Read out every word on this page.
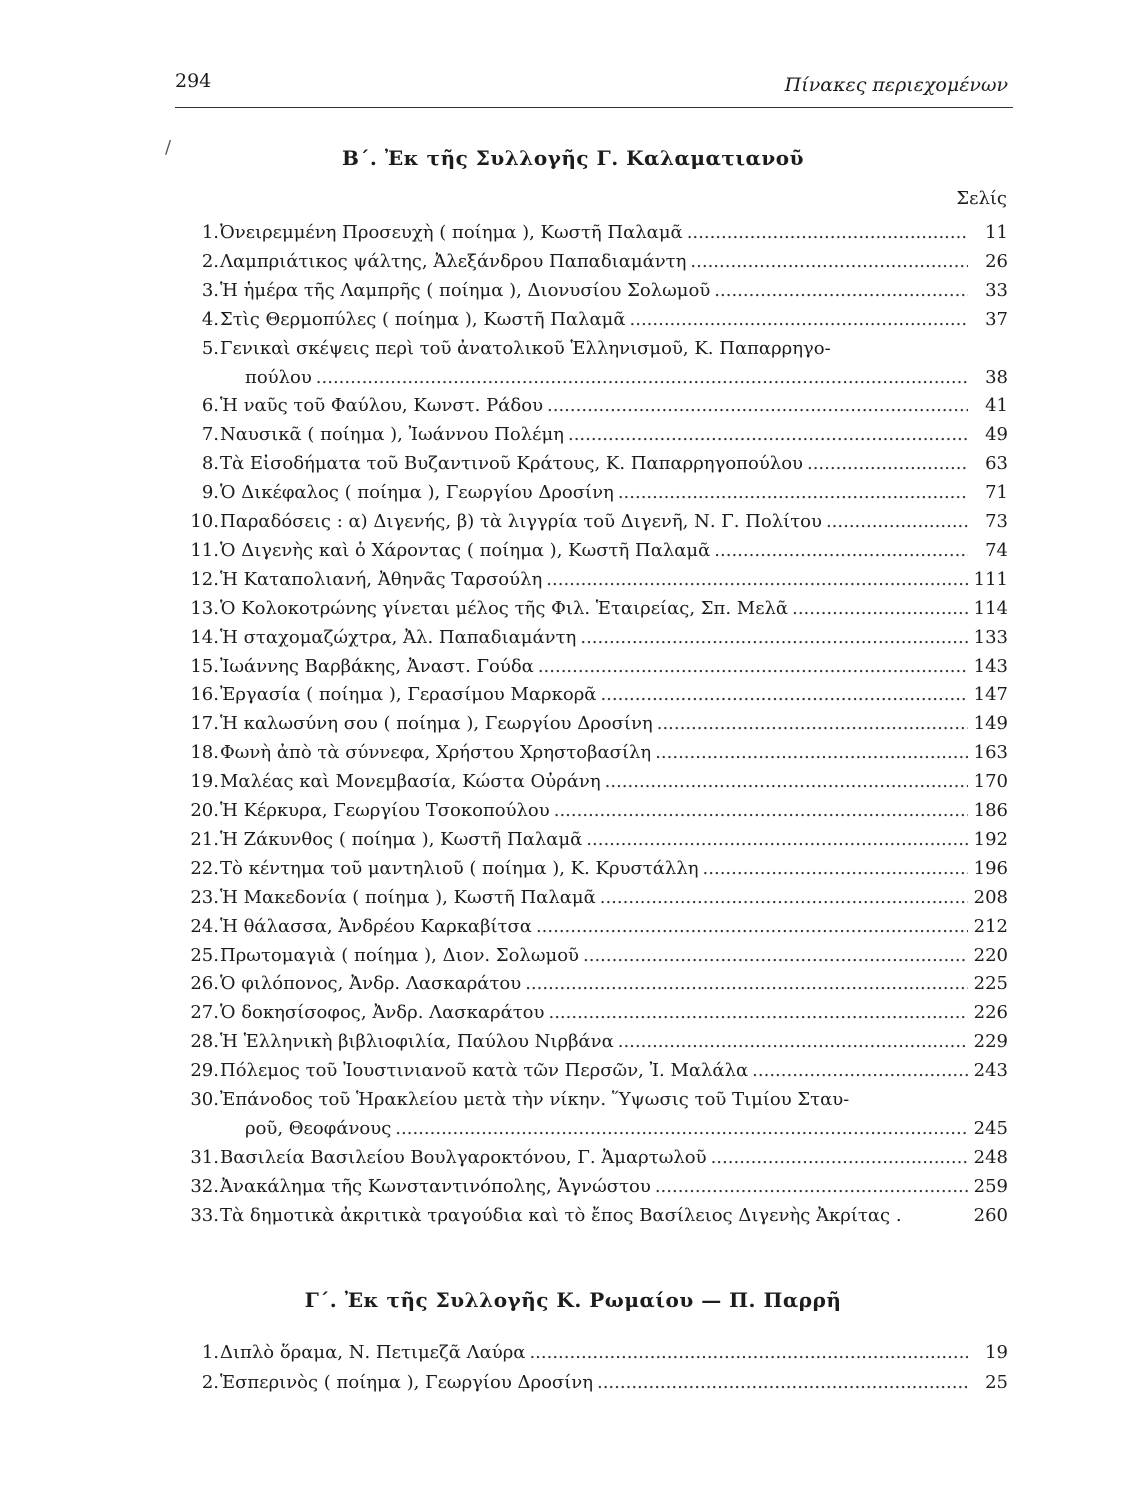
294	Πίνακες περιεχομένων
/	Β΄. Ἐκ τῆς Συλλογῆς Γ. Καλαματιανοῦ
Σελίς
1. Ὀνειρεμμένη Προσευχὴ ( ποίημα ), Κωστῆ Παλαμᾶ .....	11
2. Λαμπριάτικος ψάλτης, Ἀλεξάνδρου Παπαδιαμάντη .....	26
3. Ἡ ἡμέρα τῆς Λαμπρῆς ( ποίημα ), Διονυσίου Σολωμοῦ .....	33
4. Στὶς Θερμοπύλες ( ποίημα ), Κωστῆ Παλαμᾶ .....	37
5. Γενικαὶ σκέψεις περὶ τοῦ ἀνατολικοῦ Ἑλληνισμοῦ, Κ. Παπαρρηγο-
πούλου .....	38
6. Ἡ ναῦς τοῦ Φαύλου, Κωνστ. Ράδου .....	41
7. Ναυσικᾶ ( ποίημα ), Ἰωάννου Πολέμη .....	49
8. Τὰ Εἰσοδήματα τοῦ Βυζαντινοῦ Κράτους, Κ. Παπαρρηγοπούλου .....	63
9. Ὁ Δικέφαλος ( ποίημα ), Γεωργίου Δροσίνη .....	71
10. Παραδόσεις : α) Διγενής, β) τὰ λιγγρία τοῦ Διγενῆ, Ν. Γ. Πολίτου .....	73
11. Ὁ Διγενὴς καὶ ὁ Χάροντας ( ποίημα ), Κωστῆ Παλαμᾶ .....	74
12. Ἡ Καταπολιανή, Ἀθηνᾶς Ταρσούλη .....	111
13. Ὁ Κολοκοτρώνης γίνεται μέλος τῆς Φιλ. Ἑταιρείας, Σπ. Μελᾶ .....	114
14. Ἡ σταχομαζώχτρα, Ἀλ. Παπαδιαμάντη .....	133
15. Ἰωάννης Βαρβάκης, Ἀναστ. Γούδα .....	143
16. Ἐργασία ( ποίημα ), Γερασίμου Μαρκορᾶ .....	147
17. Ἡ καλωσύνη σου ( ποίημα ), Γεωργίου Δροσίνη .....	149
18. Φωνὴ ἀπὸ τὰ σύννεφα, Χρήστου Χρηστοβασίλη .....	163
19. Μαλέας καὶ Μονεμβασία, Κώστα Οὐράνη .....	170
20. Ἡ Κέρκυρα, Γεωργίου Τσοκοπούλου .....	186
21. Ἡ Ζάκυνθος ( ποίημα ), Κωστῆ Παλαμᾶ .....	192
22. Τὸ κέντημα τοῦ μαντηλιοῦ ( ποίημα ), Κ. Κρυστάλλη .....	196
23. Ἡ Μακεδονία ( ποίημα ), Κωστῆ Παλαμᾶ .....	208
24. Ἡ θάλασσα, Ἀνδρέου Καρκαβίτσα .....	212
25. Πρωτομαγιὰ ( ποίημα ), Διον. Σολωμοῦ .....	220
26. Ὁ φιλόπονος, Ἀνδρ. Λασκαράτου .....	225
27. Ὁ δοκησίσοφος, Ἀνδρ. Λασκαράτου .....	226
28. Ἡ Ἑλληνικὴ βιβλιοφιλία, Παύλου Νιρβάνα .....	229
29. Πόλεμος τοῦ Ἰουστινιανοῦ κατὰ τῶν Περσῶν, Ἰ. Μαλάλα .....	243
30. Ἐπάνοδος τοῦ Ἡρακλείου μετὰ τὴν νίκην. Ὕψωσις τοῦ Τιμίου Σταυ-
ροῦ, Θεοφάνους .....	245
31. Βασιλεία Βασιλείου Βουλγαροκτόνου, Γ. Ἁμαρτωλοῦ .....	248
32. Ἀνακάλημα τῆς Κωνσταντινόπολης, Ἀγνώστου .....	259
33. Τὰ δημοτικὰ ἀκριτικὰ τραγούδια καὶ τὸ ἔπος Βασίλειος Διγενὴς Ἀκρίτας .	260
Γ΄. Ἐκ τῆς Συλλογῆς Κ. Ρωμαίου — Π. Παρρῆ
1. Διπλὸ ὅραμα, Ν. Πετιμεζᾶ Λαύρα .....	19
2. Ἑσπερινὸς ( ποίημα ), Γεωργίου Δροσίνη .....	25
